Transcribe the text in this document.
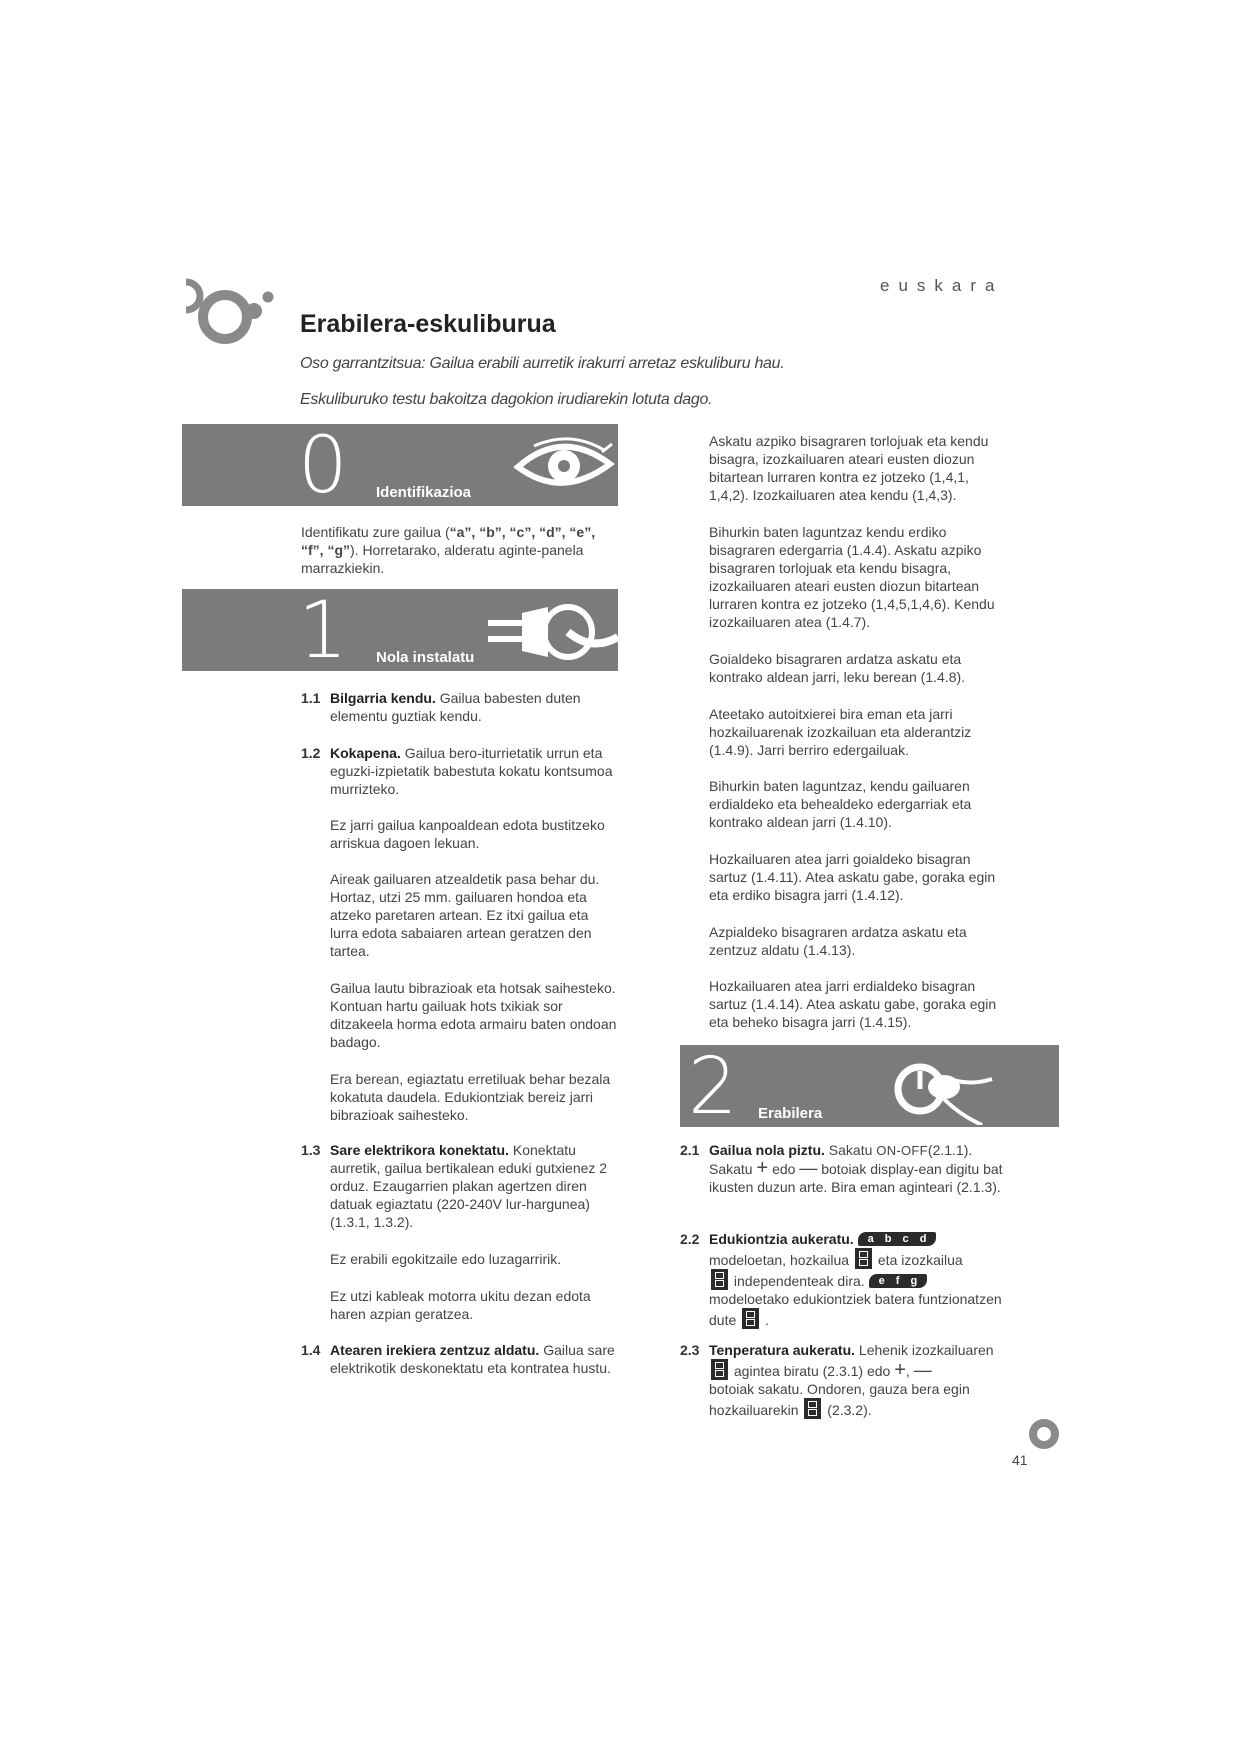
euskara
Erabilera-eskuliburua
Oso garrantzitsua: Gailua erabili aurretik irakurri arretaz eskuliburu hau.
Eskuliburuko testu bakoitza dagokion irudiarekin lotuta dago.
0 Identifikazioa
Identifikatu zure gailua (“a”, “b”, “c”, “d”, “e”,
“f”, “g”). Horretarako, alderatu aginte-panela marrazkiekin.
1 Nola instalatu
1.1 Bilgarria kendu. Gailua babesten duten elementu guztiak kendu.
1.2 Kokapena. Gailua bero-iturrietatik urrun eta eguzki-izpietatik babestuta kokatu kontsumoa murrizteko.
Ez jarri gailua kanpoaldean edota bustitzeko arriskua dagoen lekuan.
Aireak gailuaren atzealdetik pasa behar du. Hortaz, utzi 25 mm. gailuaren hondoa eta atzeko paretaren artean. Ez itxi gailua eta lurra edota sabaiaren artean geratzen den tartea.
Gailua lautu bibrazioak eta hotsak saihesteko. Kontuan hartu gailuak hots txikiak sor ditzakeela horma edota armairu baten ondoan badago.
Era berean, egiaztatu erretiluak behar bezala kokatuta daudela. Edukiontziak bereiz jarri bibrazioak saihesteko.
1.3 Sare elektrikora konektatu. Konektatu aurretik, gailua bertikalean eduki gutxienez 2 orduz. Ezaugarrien plakan agertzen diren datuak egiaztatu (220-240V lur-hargunea) (1.3.1, 1.3.2).
Ez erabili egokitzaile edo luzagarririk.
Ez utzi kableak motorra ukitu dezan edota haren azpian geratzea.
1.4 Atearen irekiera zentzuz aldatu. Gailua sare elektrikotik deskonektatu eta kontratea hustu.
Askatu azpiko bisagraren torlojuak eta kendu bisagra, izozkailuaren ateari eusten diozun bitartean lurraren kontra ez jotzeko (1,4,1, 1,4,2). Izozkailuaren atea kendu (1,4,3).
Bihurkin baten laguntzaz kendu erdiko bisagraren edergarria (1.4.4). Askatu azpiko bisagraren torlojuak eta kendu bisagra, izozkailuaren ateari eusten diozun bitartean lurraren kontra ez jotzeko (1,4,5,1,4,6). Kendu izozkailuaren atea (1.4.7).
Goialdeko bisagraren ardatza askatu eta kontrako aldean jarri, leku berean (1.4.8).
Ateetako autoitxierei bira eman eta jarri hozkailuarenak izozkailuan eta alderantziz (1.4.9). Jarri berriro edergailuak.
Bihurkin baten laguntzaz, kendu gailuaren erdialdeko eta behealdeko edergarriak eta kontrako aldean jarri (1.4.10).
Hozkailuaren atea jarri goialdeko bisagran sartuz (1.4.11). Atea askatu gabe, goraka egin eta erdiko bisagra jarri (1.4.12).
Azpialdeko bisagraren ardatza askatu eta zentzuz aldatu (1.4.13).
Hozkailuaren atea jarri erdialdeko bisagran sartuz (1.4.14). Atea askatu gabe, goraka egin eta beheko bisagra jarri (1.4.15).
2 Erabilera
2.1 Gailua nola piztu. Sakatu ON-OFF(2.1.1).
Sakatu + edo — botoiak display-ean digitu bat ikusten duzun arte. Bira eman aginteari (2.1.3).
2.2 Edukiontzia aukeratu. a b c d
modeloetan, hozkailua eta izozkailua
independenteak dira. e f g
modeloetako edukiontziek batera funtzionatzen dute .
2.3 Tenperatura aukeratu. Lehenik izozkailuaren
agintea biratu (2.3.1) edo +, —
botoiak sakatu. Ondoren, gauza bera egin hozkailuarekin (2.3.2).
41
